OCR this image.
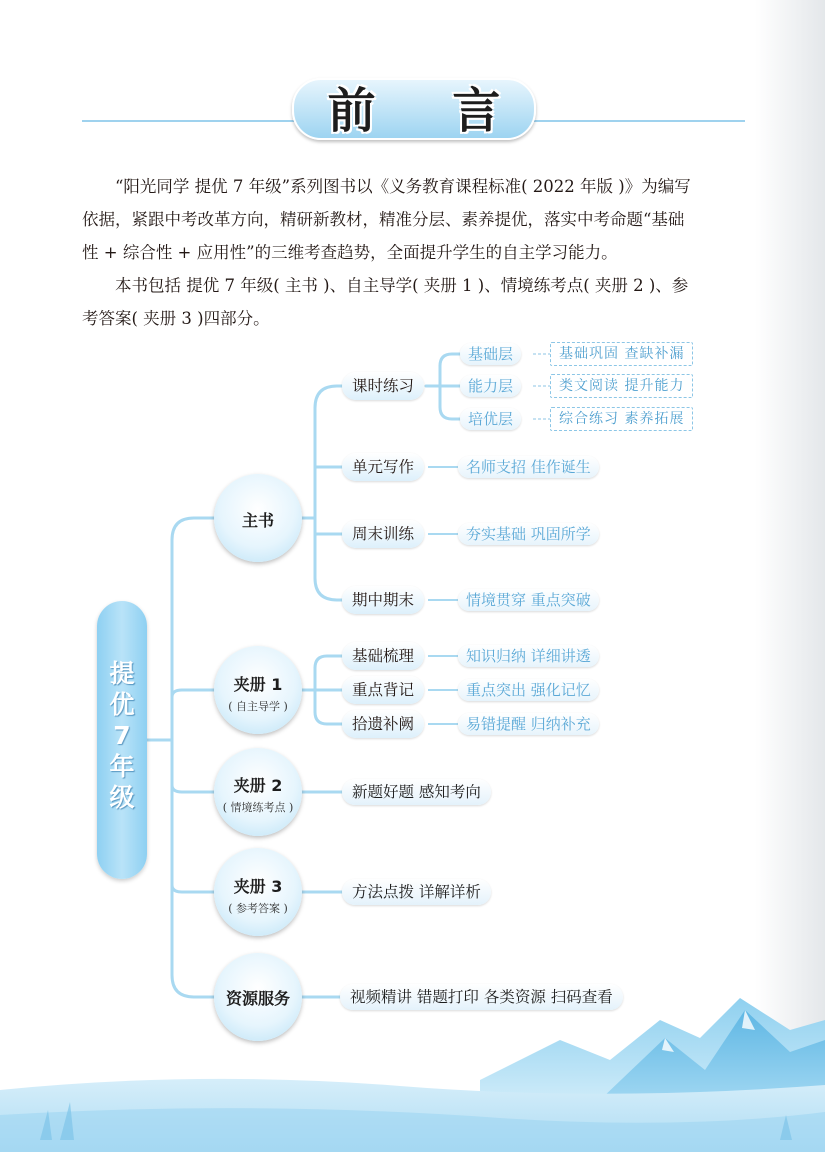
前 言
“阳光同学 提优 7 年级”系列图书以《义务教育课程标准( 2022 年版 )》为编写
依据，紧跟中考改革方向，精研新教材，精准分层、素养提优，落实中考命题“基础
性 + 综合性 + 应用性”的三维考查趋势，全面提升学生的自主学习能力。
本书包括 提优 7 年级( 主书 )、自主导学( 夹册 1 )、情境练考点( 夹册 2 )、参
考答案( 夹册 3 )四部分。
提
优
7
年
级
主书
夹册 1
( 自主导学 )
夹册 2
( 情境练考点 )
夹册 3
( 参考答案 )
资源服务
课时练习
基础层
能力层
培优层
基础巩固 查缺补漏
类文阅读 提升能力
综合练习 素养拓展
单元写作	名师支招 佳作诞生
周末训练	夯实基础 巩固所学
期中期末	情境贯穿 重点突破
基础梳理	知识归纳 详细讲透
重点背记	重点突出 强化记忆
拾遗补阙	易错提醒 归纳补充
新题好题 感知考向
方法点拨 详解详析
视频精讲 错题打印 各类资源 扫码查看
